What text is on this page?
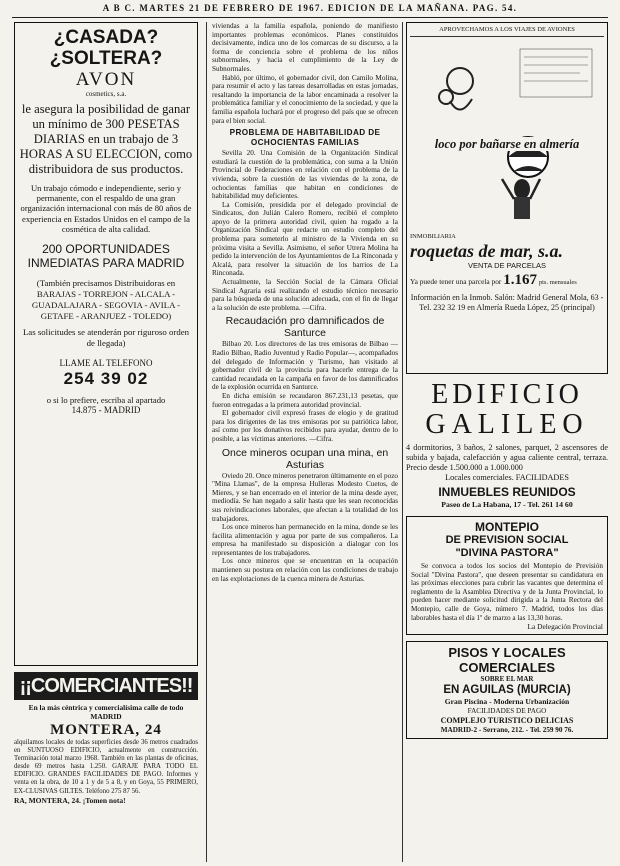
A B C. MARTES 21 DE FEBRERO DE 1967. EDICION DE LA MAÑANA. PAG. 54.
¿CASADA?
¿SOLTERA?
AVON
cosmetics, s.a.
le asegura la posibilidad de ganar un mínimo de 300 PESETAS DIARIAS en un trabajo de 3 HORAS A SU ELECCION, como distribuidora de sus productos.
Un trabajo cómodo e independiente, serio y permanente, con el respaldo de una gran organización internacional con más de 80 años de experiencia en Estados Unidos en el campo de la cosmética de alta calidad.
200 OPORTUNIDADES INMEDIATAS PARA MADRID
(También precisamos Distribuidoras en BARAJAS - TORREJON - ALCALA - GUADALAJARA - SEGOVIA - AVILA - GETAFE - ARANJUEZ - TOLEDO)
Las solicitudes se atenderán por riguroso orden de llegada)
LLAME AL TELEFONO
254 39 02
o si lo prefiere, escriba al apartado
14.875 - MADRID
¡¡COMERCIANTES!!
En la más céntrica y comercialísima calle de todo MADRID
MONTERA, 24

alquilamos locales de todas superficies desde 36 metros cuadrados en SUNTUOSO EDIFICIO, actualmente en construcción. Terminación total marzo 1968. También en las plantas de oficinas, desde 69 metros hasta 1.250. GARAJE PARA TODO EL EDIFICIO. GRANDES FACILIDADES DE PAGO. Informes y venta en la obra, de 10 a 1 y de 5 a 8, y en Goya, 55 PRIMERO, EX-CLUSIVAS GILTES. Teléfono 275 87 56.

RA, MONTERA, 24. ¡Tomen nota!

viviendas a la familia española, poniendo de manifiesto importantes problemas económicos. Planes constituidos decisivamente, indica uno de los comarcas de su discurso, a la forma de conciencia sobre el problema de los niños subnormales, y hacia el cumplimiento de la Ley de Subnormales.

Habló, por último, el gobernador civil, don Camilo Molina, para resumir el acto y las tareas desarrolladas en estas jornadas, resaltando la importancia de la labor encaminada a resolver la problemática familiar y el conocimiento de la sociedad, y que la familia española luchará por el progreso del país que se ofrecen para el bien social.

PROBLEMA DE HABITABILIDAD DE OCHOCIENTAS FAMILIAS

Sevilla 20. Una Comisión de la Organización Sindical estudiará la cuestión de la problemática, con suma a la Unión Provincial de Federaciones en relación con el problema de la vivienda, sobre la cuestión de las viviendas de la zona, de ochocientas familias que habitan en condiciones de habitabilidad muy deficientes.

La Comisión, presidida por el delegado provincial de Sindicatos, don Julián Calero Romero, recibió el completo apoyo de la primera autoridad civil, quien ha rogado a la Organización Sindical que redacte un estudio completo del problema para someterlo al ministro de la Vivienda en su próxima visita a Sevilla. Asimismo, el señor Utrera Molina ha pedido la intervención de los Ayuntamientos de La Rinconada y Alcalá, para resolver la situación de los barrios de La Rinconada.

Actualmente, la Sección Social de la Cámara Oficial Sindical Agraria está realizando el estudio técnico necesario para la búsqueda de una solución adecuada, con el fin de llegar a la solución de este problema. —Cifra.

Recaudación pro damnificados de Santurce

Bilbao 20. Los directores de las tres emisoras de Bilbao —Radio Bilbao, Radio Juventud y Radio Popular—, acompañados del delegado de Información y Turismo, han visitado al gobernador civil de la provincia para hacerle entrega de la cantidad recaudada en la campaña en favor de los damnificados de la explosión ocurrida en Santurce.

En dicha emisión se recaudaron 867.231,13 pesetas, que fueron entregadas a la primera autoridad provincial.

El gobernador civil expresó frases de elogio y de gratitud para los dirigentes de las tres emisoras por su patriótica labor, así como por los donativos recibidos para ayudar, dentro de lo posible, a las víctimas anteriores. —Cifra.

Once mineros ocupan una mina, en Asturias

Oviedo 20. Once mineros penetraron últimamente en el pozo "Mina Llamas", de la empresa Hulleras Modesto Cuetos, de Mieres, y se han encerrado en el interior de la mina desde ayer, mediodía. Se han negado a salir hasta que les sean reconocidas sus reivindicaciones laborales, que afectan a la totalidad de los trabajadores.

Los once mineros han permanecido en la mina, donde se les facilita alimentación y agua por parte de sus compañeros. La empresa ha manifestado su disposición a dialogar con los representantes de los trabajadores.

Los once mineros que se encuentran en la ocupación mantienen su postura en relación con las condiciones de trabajo en las explotaciones de la cuenca minera de Asturias.

APROVECHAMOS A LOS VIAJES DE AVIONES
loco por bañarse en almería
INMOBILIARIA
roquetas de mar, s.a.
VENTA DE PARCELAS
Ya puede tener una parcela por 1.167 pts. mensuales
Información en la Inmob. Salón: Madrid General Mola, 63 - Tel. 232 32 19 en Almería Rueda López, 25 (principal)
EDIFICIO
GALILEO
4 dormitorios, 3 baños, 2 salones, parquet, 2 ascensores de subida y bajada, calefacción y agua caliente central, terraza. Precio desde 1.500.000 a 1.000.000
Locales comerciales. FACILIDADES
INMUEBLES REUNIDOS
Paseo de La Habana, 17 - Tel. 261 14 60
MONTEPIO
DE PREVISION SOCIAL
"DIVINA PASTORA"

Se convoca a todos los socios del Montepio de Previsión Social "Divina Pastora", que deseen presentar su candidatura en las próximas elecciones para cubrir las vacantes que determina el reglamento de la Asamblea Directiva y de la Junta Provincial, lo pueden hacer mediante solicitud dirigida a la Junta Rectora del Montepio, calle de Goya, número 7. Madrid, todos los días laborables hasta el día 1º de marzo a las 13,30 horas.

La Delegación Provincial
PISOS Y LOCALES
COMERCIALES
SOBRE EL MAR
EN AGUILAS (MURCIA)
Gran Piscina - Moderna Urbanización
FACILIDADES DE PAGO
COMPLEJO TURISTICO DELICIAS
MADRID-2 - Serrano, 212. - Tel. 259 90 76.
